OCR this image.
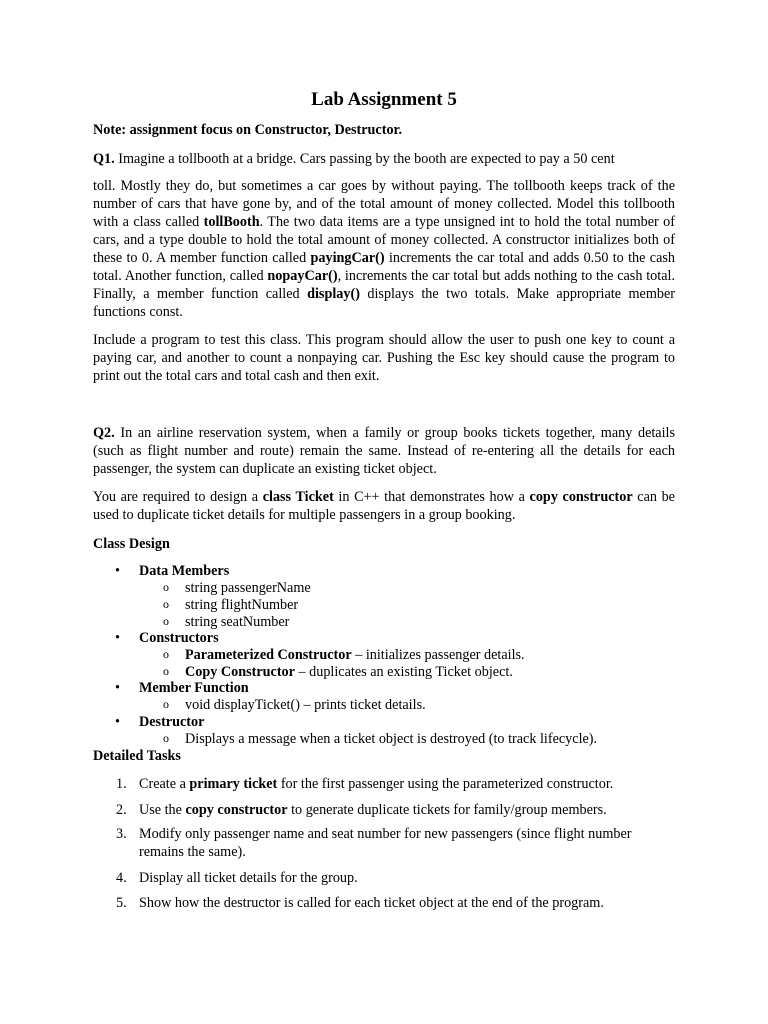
Lab Assignment 5
Note: assignment focus on Constructor, Destructor.
Q1. Imagine a tollbooth at a bridge. Cars passing by the booth are expected to pay a 50 cent
toll. Mostly they do, but sometimes a car goes by without paying. The tollbooth keeps track of the number of cars that have gone by, and of the total amount of money collected. Model this tollbooth with a class called tollBooth. The two data items are a type unsigned int to hold the total number of cars, and a type double to hold the total amount of money collected. A constructor initializes both of these to 0. A member function called payingCar() increments the car total and adds 0.50 to the cash total. Another function, called nopayCar(), increments the car total but adds nothing to the cash total. Finally, a member function called display() displays the two totals. Make appropriate member functions const.
Include a program to test this class. This program should allow the user to push one key to count a paying car, and another to count a nonpaying car. Pushing the Esc key should cause the program to print out the total cars and total cash and then exit.
Q2. In an airline reservation system, when a family or group books tickets together, many details (such as flight number and route) remain the same. Instead of re-entering all the details for each passenger, the system can duplicate an existing ticket object.
You are required to design a class Ticket in C++ that demonstrates how a copy constructor can be used to duplicate ticket details for multiple passengers in a group booking.
Class Design
• Data Members
o string passengerName
o string flightNumber
o string seatNumber
• Constructors
o Parameterized Constructor – initializes passenger details.
o Copy Constructor – duplicates an existing Ticket object.
• Member Function
o void displayTicket() – prints ticket details.
• Destructor
o Displays a message when a ticket object is destroyed (to track lifecycle).
Detailed Tasks
1. Create a primary ticket for the first passenger using the parameterized constructor.
2. Use the copy constructor to generate duplicate tickets for family/group members.
3. Modify only passenger name and seat number for new passengers (since flight number remains the same).
4. Display all ticket details for the group.
5. Show how the destructor is called for each ticket object at the end of the program.
